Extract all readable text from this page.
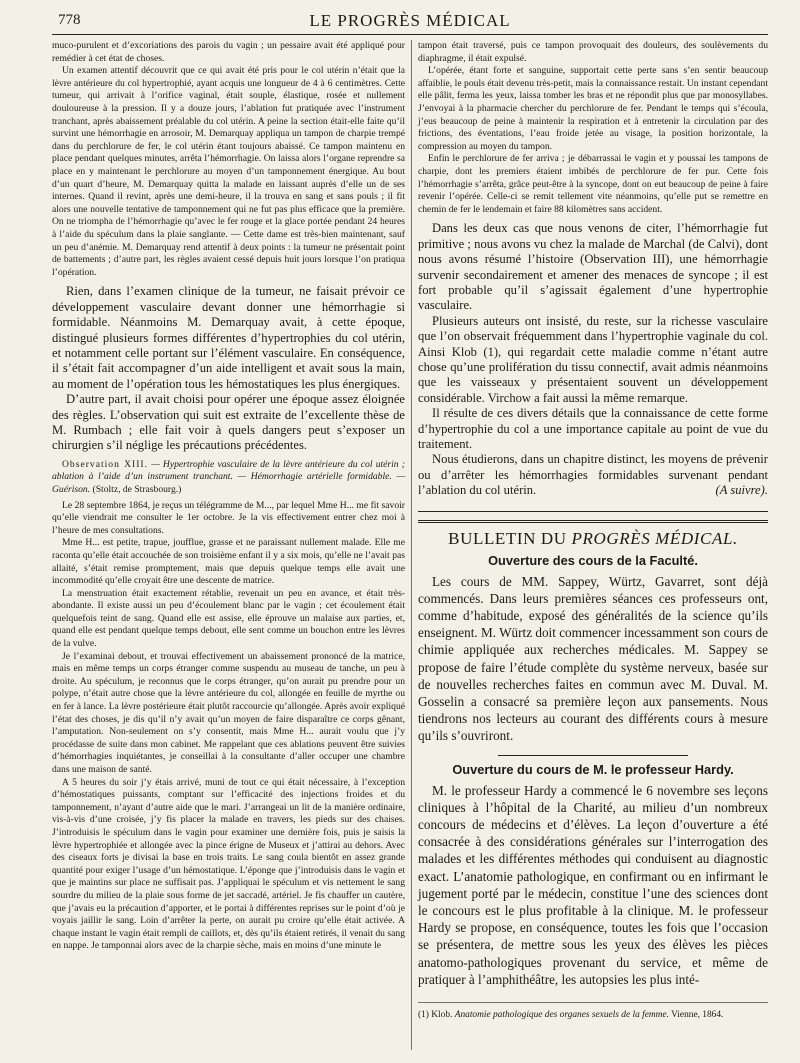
778	LE PROGRÈS MÉDICAL

muco-purulent et d’excoriations des parois du vagin ; un pessaire avait été appliqué pour remédier à cet état de choses.

Un examen attentif découvrit que ce qui avait été pris pour le col utérin n’était que la lèvre antérieure du col hypertrophié, ayant acquis une longueur de 4 à 6 centimètres. Cette tumeur, qui arrivait à l’orifice vaginal, était souple, élastique, rosée et nullement douloureuse à la pression. Il y a douze jours, l’ablation fut pratiquée avec l’instrument tranchant, après abaissement préalable du col utérin. A peine la section était-elle faite qu’il survint une hémorrhagie en arrosoir, M. Demarquay appliqua un tampon de charpie trempé dans du perchlorure de fer, le col utérin étant toujours abaissé. Ce tampon maintenu en place pendant quelques minutes, arrêta l’hémorrhagie. On laissa alors l’organe reprendre sa place en y maintenant le perchlorure au moyen d’un tamponnement énergique. Au bout d’un quart d’heure, M. Demarquay quitta la malade en laissant auprès d’elle un de ses internes. Quand il revint, après une demi-heure, il la trouva en sang et sans pouls ; il fit alors une nouvelle tentative de tamponnement qui ne fut pas plus efficace que la première. On ne triompha de l’hémorrhagie qu’avec le fer rouge et la glace portée pendant 24 heures à l’aide du spéculum dans la plaie sanglante. — Cette dame est très-bien maintenant, sauf un peu d’anémie. M. Demarquay rend attentif à deux points : la tumeur ne présentait point de battements ; d’autre part, les règles avaient cessé depuis huit jours lorsque l’on pratiqua l’opération.

Rien, dans l’examen clinique de la tumeur, ne faisait prévoir ce développement vasculaire devant donner une hémorrhagie si formidable. Néanmoins M. Demarquay avait, à cette époque, distingué plusieurs formes différentes d’hypertrophies du col utérin, et notamment celle portant sur l’élément vasculaire. En conséquence, il s’était fait accompagner d’un aide intelligent et avait sous la main, au moment de l’opération tous les hémostatiques les plus énergiques.

D’autre part, il avait choisi pour opérer une époque assez éloignée des règles. L’observation qui suit est extraite de l’excellente thèse de M. Rumbach ; elle fait voir à quels dangers peut s’exposer un chirurgien s’il néglige les précautions précédentes.

Observation XIII. — Hypertrophie vasculaire de la lèvre antérieure du col utérin ; ablation à l’aide d’un instrument tranchant. — Hémorrhagie artérielle formidable. — Guérison. (Stoltz, de Strasbourg.)

Le 28 septembre 1864, je reçus un télégramme de M..., par lequel Mme H... me fit savoir qu’elle viendrait me consulter le 1er octobre. Je la vis effectivement entrer chez moi à l’heure de mes consultations.

Mme H... est petite, trapue, joufflue, grasse et ne paraissant nullement malade. Elle me raconta qu’elle était accouchée de son troisième enfant il y a six mois, qu’elle ne l’avait pas allaité, s’était remise promptement, mais que depuis quelque temps elle avait une incommodité qu’elle croyait être une descente de matrice.

La menstruation était exactement rétablie, revenait un peu en avance, et était très-abondante. Il existe aussi un peu d’écoulement blanc par le vagin ; cet écoulement était quelquefois teint de sang. Quand elle est assise, elle éprouve un malaise aux parties, et, quand elle est pendant quelque temps debout, elle sent comme un bouchon entre les lèvres de la vulve.

Je l’examinai debout, et trouvai effectivement un abaissement prononcé de la matrice, mais en même temps un corps étranger comme suspendu au museau de tanche, un peu à droite. Au spéculum, je reconnus que le corps étranger, qu’on aurait pu prendre pour un polype, n’était autre chose que la lèvre antérieure du col, allongée en feuille de myrthe ou en fer à lance. La lèvre postérieure était plutôt raccourcie qu’allongée. Après avoir expliqué l’état des choses, je dis qu’il n’y avait qu’un moyen de faire disparaître ce corps gênant, l’amputation. Non-seulement on s’y consentit, mais Mme H... aurait voulu que j’y procédasse de suite dans mon cabinet. Me rappelant que ces ablations peuvent être suivies d’hémorrhagies inquiétantes, je conseillai à la consultante d’aller occuper une chambre dans une maison de santé.

A 5 heures du soir j’y étais arrivé, muni de tout ce qui était nécessaire, à l’exception d’hémostatiques puissants, comptant sur l’efficacité des injections froides et du tamponnement, n’ayant d’autre aide que le mari. J’arrangeai un lit de la manière ordinaire, vis-à-vis d’une croisée, j’y fis placer la malade en travers, les pieds sur des chaises. J’introduisis le spéculum dans le vagin pour examiner une dernière fois, puis je saisis la lèvre hypertrophiée et allongée avec la pince érigne de Museux et j’attirai au dehors. Avec des ciseaux forts je divisai la base en trois traits. Le sang coula bientôt en assez grande quantité pour exiger l’usage d’un hémostatique. L’éponge que j’introduisis dans le vagin et que je maintins sur place ne suffisait pas. J’appliquai le spéculum et vis nettement le sang sourdre du milieu de la plaie sous forme de jet saccadé, artériel. Je fis chauffer un cautère, que j’avais eu la précaution d’apporter, et le portai à différentes reprises sur le point d’où je voyais jaillir le sang. Loin d’arrêter la perte, on aurait pu croire qu’elle était activée. A chaque instant le vagin était rempli de caillots, et, dès qu’ils étaient retirés, il venait du sang en nappe. Je tamponnai alors avec de la charpie sèche, mais en moins d’une minute le

tampon était traversé, puis ce tampon provoquait des douleurs, des soulèvements du diaphragme, il était expulsé.

L’opérée, étant forte et sanguine, supportait cette perte sans s’en sentir beaucoup affaiblie, le pouls était devenu très-petit, mais la connaissance restait. Un instant cependant elle pâlit, ferma les yeux, laissa tomber les bras et ne répondit plus que par monosyllabes. J’envoyai à la pharmacie chercher du perchlorure de fer. Pendant le temps qui s’écoula, j’eus beaucoup de peine à maintenir la respiration et à entretenir la circulation par des frictions, des éventations, l’eau froide jetée au visage, la position horizontale, la compression au moyen du tampon.

Enfin le perchlorure de fer arriva ; je débarrassai le vagin et y poussai les tampons de charpie, dont les premiers étaient imbibés de perchlorure de fer pur. Cette fois l’hémorrhagie s’arrêta, grâce peut-être à la syncope, dont on eut beaucoup de peine à faire revenir l’opérée. Celle-ci se remit tellement vite néanmoins, qu’elle put se remettre en chemin de fer le lendemain et faire 88 kilomètres sans accident.

Dans les deux cas que nous venons de citer, l’hémorrhagie fut primitive ; nous avons vu chez la malade de Marchal (de Calvi), dont nous avons résumé l’histoire (Observation III), une hémorrhagie survenir secondairement et amener des menaces de syncope ; il est fort probable qu’il s’agissait également d’une hypertrophie vasculaire.

Plusieurs auteurs ont insisté, du reste, sur la richesse vasculaire que l’on observait fréquemment dans l’hypertrophie vaginale du col. Ainsi Klob (1), qui regardait cette maladie comme n’étant autre chose qu’une prolifération du tissu connectif, avait admis néanmoins que les vaisseaux y présentaient souvent un développement considérable. Virchow a fait aussi la même remarque.

Il résulte de ces divers détails que la connaissance de cette forme d’hypertrophie du col a une importance capitale au point de vue du traitement.

Nous étudierons, dans un chapitre distinct, les moyens de prévenir ou d’arrêter les hémorrhagies formidables survenant pendant l’ablation du col utérin.	(A suivre).

BULLETIN DU PROGRÈS MÉDICAL.
Ouverture des cours de la Faculté.

Les cours de MM. Sappey, Würtz, Gavarret, sont déjà commencés. Dans leurs premières séances ces professeurs ont, comme d’habitude, exposé des généralités de la science qu’ils enseignent. M. Würtz doit commencer incessamment son cours de chimie appliquée aux recherches médicales. M. Sappey se propose de faire l’étude complète du système nerveux, basée sur de nouvelles recherches faites en commun avec M. Duval. M. Gosselin a consacré sa première leçon aux pansements. Nous tiendrons nos lecteurs au courant des différents cours à mesure qu’ils s’ouvriront.

Ouverture du cours de M. le professeur Hardy.

M. le professeur Hardy a commencé le 6 novembre ses leçons cliniques à l’hôpital de la Charité, au milieu d’un nombreux concours de médecins et d’élèves. La leçon d’ouverture a été consacrée à des considérations générales sur l’interrogation des malades et les différentes méthodes qui conduisent au diagnostic exact. L’anatomie pathologique, en confirmant ou en infirmant le jugement porté par le médecin, constitue l’une des sciences dont le concours est le plus profitable à la clinique. M. le professeur Hardy se propose, en conséquence, toutes les fois que l’occasion se présentera, de mettre sous les yeux des élèves les pièces anatomo-pathologiques provenant du service, et même de pratiquer à l’amphithéâtre, les autopsies les plus inté-

(1) Klob. Anatomie pathologique des organes sexuels de la femme. Vienne, 1864.
